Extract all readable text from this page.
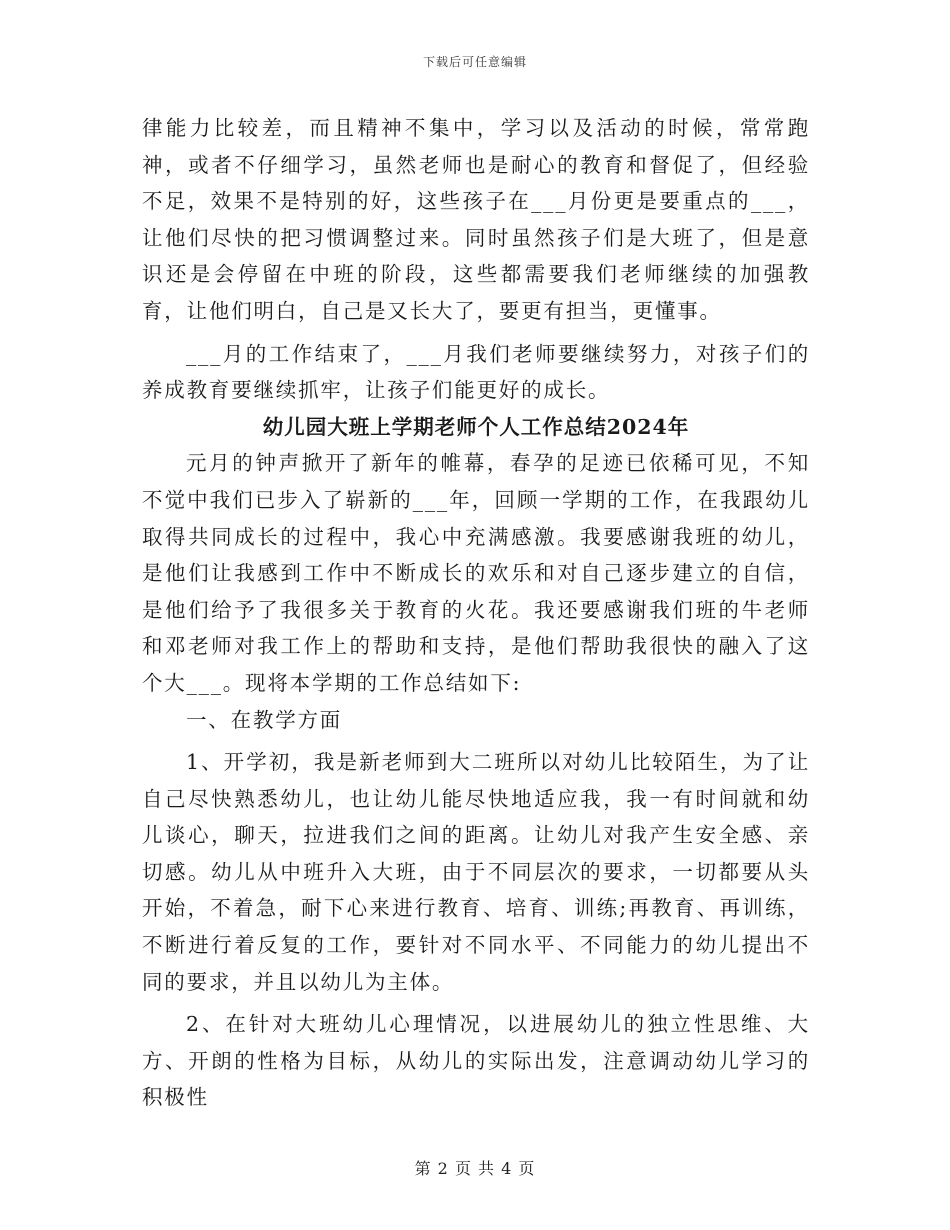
下载后可任意编辑

律能力比较差，而且精神不集中，学习以及活动的时候，常常跑神，或者不仔细学习，虽然老师也是耐心的教育和督促了，但经验不足，效果不是特别的好，这些孩子在___月份更是要重点的___，让他们尽快的把习惯调整过来。同时虽然孩子们是大班了，但是意识还是会停留在中班的阶段，这些都需要我们老师继续的加强教育，让他们明白，自己是又长大了，要更有担当，更懂事。

___月的工作结束了，___月我们老师要继续努力，对孩子们的养成教育要继续抓牢，让孩子们能更好的成长。

幼儿园大班上学期老师个人工作总结2024年

元月的钟声掀开了新年的帷幕，春孕的足迹已依稀可见，不知不觉中我们已步入了崭新的___年，回顾一学期的工作，在我跟幼儿取得共同成长的过程中，我心中充满感激。我要感谢我班的幼儿，是他们让我感到工作中不断成长的欢乐和对自己逐步建立的自信，是他们给予了我很多关于教育的火花。我还要感谢我们班的牛老师和邓老师对我工作上的帮助和支持，是他们帮助我很快的融入了这个大___。现将本学期的工作总结如下:

一、在教学方面

1、开学初，我是新老师到大二班所以对幼儿比较陌生，为了让自己尽快熟悉幼儿，也让幼儿能尽快地适应我，我一有时间就和幼儿谈心，聊天，拉进我们之间的距离。让幼儿对我产生安全感、亲切感。幼儿从中班升入大班，由于不同层次的要求，一切都要从头开始，不着急，耐下心来进行教育、培育、训练;再教育、再训练，不断进行着反复的工作，要针对不同水平、不同能力的幼儿提出不同的要求，并且以幼儿为主体。

2、在针对大班幼儿心理情况，以进展幼儿的独立性思维、大方、开朗的性格为目标，从幼儿的实际出发，注意调动幼儿学习的积极性

第 2 页 共 4 页
